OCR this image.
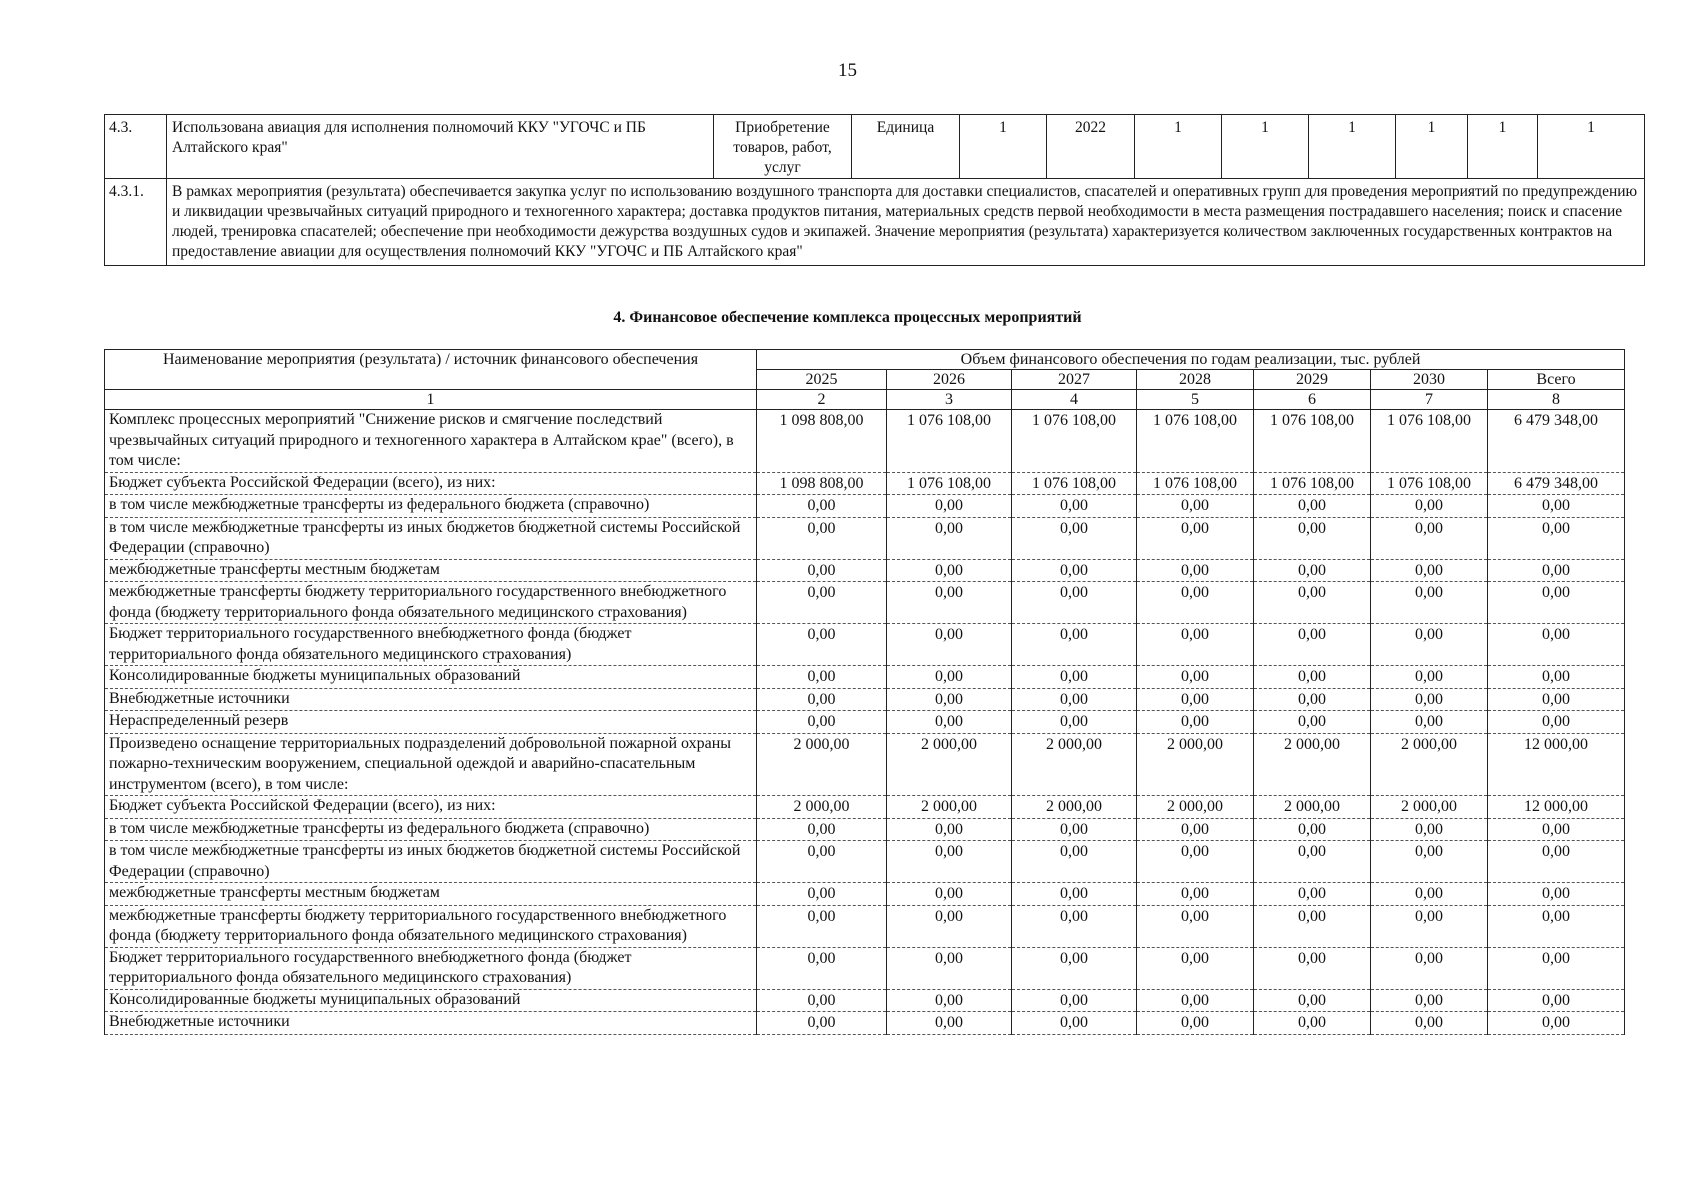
15
4.3.	Использована авиация для исполнения полномочий ККУ "УГОЧС и ПБ Алтайского края"	Приобретение товаров, работ, услуг	Единица	1	2022	1	1	1	1	1	1
4.3.1.	В рамках мероприятия (результата) обеспечивается закупка услуг по использованию воздушного транспорта для доставки специалистов, спасателей и оперативных групп для проведения мероприятий по предупреждению и ликвидации чрезвычайных ситуаций природного и техногенного характера; доставка продуктов питания, материальных средств первой необходимости в места размещения пострадавшего населения; поиск и спасение людей, тренировка спасателей; обеспечение при необходимости дежурства воздушных судов и экипажей. Значение мероприятия (результата) характеризуется количеством заключенных государственных контрактов на предоставление авиации для осуществления полномочий ККУ "УГОЧС и ПБ Алтайского края"										
4. Финансовое обеспечение комплекса процессных мероприятий
Наименование мероприятия (результата) / источник финансового обеспечения	Объем финансового обеспечения по годам реализации, тыс. рублей						
	2025	2026	2027	2028	2029	2030	Всего
1	2	3	4	5	6	7	8
Комплекс процессных мероприятий "Снижение рисков и смягчение последствий чрезвычайных ситуаций природного и техногенного характера в Алтайском крае" (всего), в том числе:	1 098 808,00	1 076 108,00	1 076 108,00	1 076 108,00	1 076 108,00	1 076 108,00	6 479 348,00
Бюджет субъекта Российской Федерации (всего), из них:	1 098 808,00	1 076 108,00	1 076 108,00	1 076 108,00	1 076 108,00	1 076 108,00	6 479 348,00
в том числе межбюджетные трансферты из федерального бюджета (справочно)	0,00	0,00	0,00	0,00	0,00	0,00	0,00
в том числе межбюджетные трансферты из иных бюджетов бюджетной системы Российской Федерации (справочно)	0,00	0,00	0,00	0,00	0,00	0,00	0,00
межбюджетные трансферты местным бюджетам	0,00	0,00	0,00	0,00	0,00	0,00	0,00
межбюджетные трансферты бюджету территориального государственного внебюджетного фонда (бюджету территориального фонда обязательного медицинского страхования)	0,00	0,00	0,00	0,00	0,00	0,00	0,00
Бюджет территориального государственного внебюджетного фонда (бюджет территориального фонда обязательного медицинского страхования)	0,00	0,00	0,00	0,00	0,00	0,00	0,00
Консолидированные бюджеты муниципальных образований	0,00	0,00	0,00	0,00	0,00	0,00	0,00
Внебюджетные источники	0,00	0,00	0,00	0,00	0,00	0,00	0,00
Нераспределенный резерв	0,00	0,00	0,00	0,00	0,00	0,00	0,00
Произведено оснащение территориальных подразделений добровольной пожарной охраны пожарно-техническим вооружением, специальной одеждой и аварийно-спасательным инструментом (всего), в том числе:	2 000,00	2 000,00	2 000,00	2 000,00	2 000,00	2 000,00	12 000,00
Бюджет субъекта Российской Федерации (всего), из них:	2 000,00	2 000,00	2 000,00	2 000,00	2 000,00	2 000,00	12 000,00
в том числе межбюджетные трансферты из федерального бюджета (справочно)	0,00	0,00	0,00	0,00	0,00	0,00	0,00
в том числе межбюджетные трансферты из иных бюджетов бюджетной системы Российской Федерации (справочно)	0,00	0,00	0,00	0,00	0,00	0,00	0,00
межбюджетные трансферты местным бюджетам	0,00	0,00	0,00	0,00	0,00	0,00	0,00
межбюджетные трансферты бюджету территориального государственного внебюджетного фонда (бюджету территориального фонда обязательного медицинского страхования)	0,00	0,00	0,00	0,00	0,00	0,00	0,00
Бюджет территориального государственного внебюджетного фонда (бюджет территориального фонда обязательного медицинского страхования)	0,00	0,00	0,00	0,00	0,00	0,00	0,00
Консолидированные бюджеты муниципальных образований	0,00	0,00	0,00	0,00	0,00	0,00	0,00
Внебюджетные источники	0,00	0,00	0,00	0,00	0,00	0,00	0,00
